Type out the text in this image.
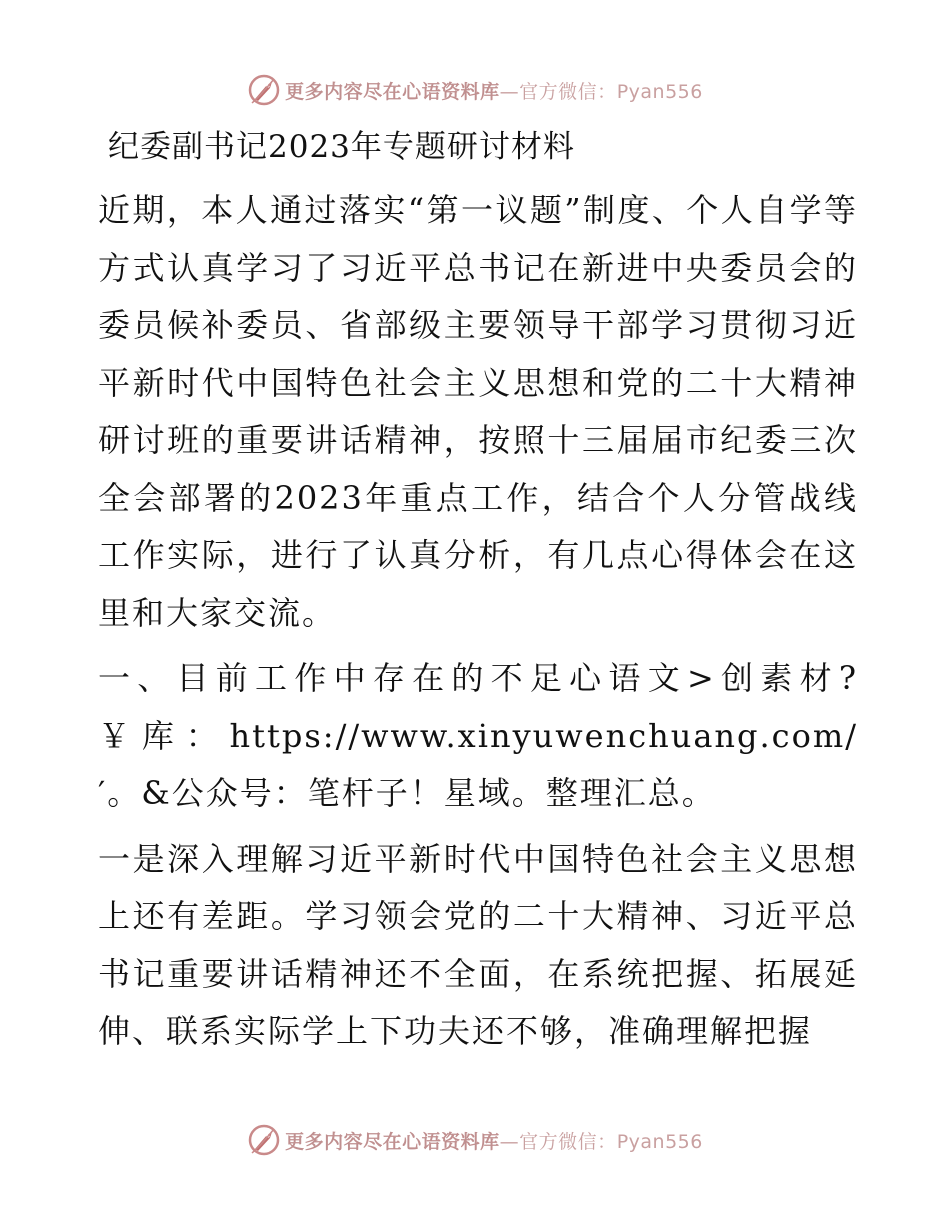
更多内容尽在心语资料库—官方微信：Pyan556
纪委副书记2023年专题研讨材料

近期，本人通过落实“第一议题”制度、个人自学等方式认真学习了习近平总书记在新进中央委员会的委员候补委员、省部级主要领导干部学习贯彻习近平新时代中国特色社会主义思想和党的二十大精神研讨班的重要讲话精神，按照十三届届市纪委三次全会部署的2023年重点工作，结合个人分管战线工作实际，进行了认真分析，有几点心得体会在这里和大家交流。

一、目前工作中存在的不足心语文>创素材?￥库：https://www.xinyuwenchuang.com/′。&公众号：笔杆子！星域。整理汇总。

一是深入理解习近平新时代中国特色社会主义思想上还有差距。学习领会党的二十大精神、习近平总书记重要讲话精神还不全面，在系统把握、拓展延伸、联系实际学上下功夫还不够，准确理解把握

更多内容尽在心语资料库—官方微信：Pyan556
